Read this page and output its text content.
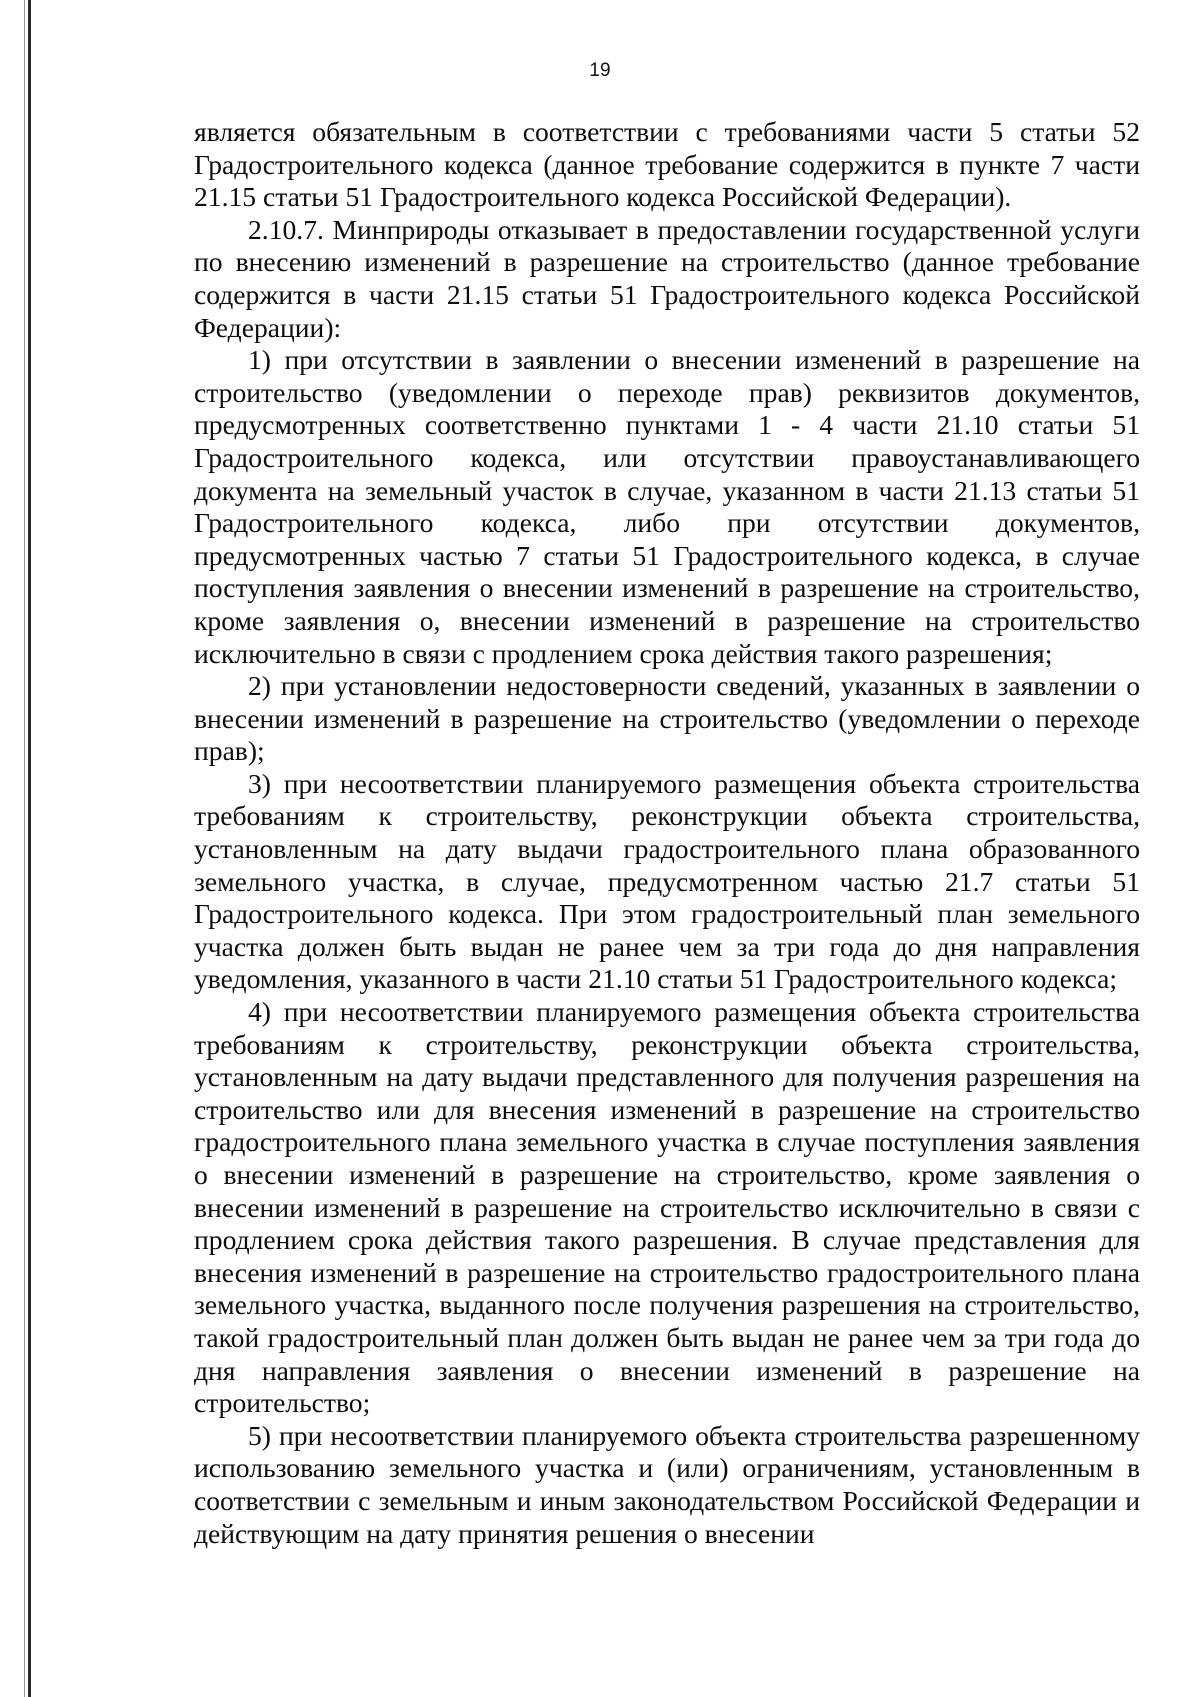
19

является обязательным в соответствии с требованиями части 5 статьи 52 Градостроительного кодекса (данное требование содержится в пункте 7 части 21.15 статьи 51 Градостроительного кодекса Российской Федерации).

2.10.7. Минприроды отказывает в предоставлении государственной услуги по внесению изменений в разрешение на строительство (данное требование содержится в части 21.15 статьи 51 Градостроительного кодекса Российской Федерации):

1) при отсутствии в заявлении о внесении изменений в разрешение на строительство (уведомлении о переходе прав) реквизитов документов, предусмотренных соответственно пунктами 1 - 4 части 21.10 статьи 51 Градостроительного кодекса, или отсутствии правоустанавливающего документа на земельный участок в случае, указанном в части 21.13 статьи 51 Градостроительного кодекса, либо при отсутствии документов, предусмотренных частью 7 статьи 51 Градостроительного кодекса, в случае поступления заявления о внесении изменений в разрешение на строительство, кроме заявления о, внесении изменений в разрешение на строительство исключительно в связи с продлением срока действия такого разрешения;

2) при установлении недостоверности сведений, указанных в заявлении о внесении изменений в разрешение на строительство (уведомлении о переходе прав);

3) при несоответствии планируемого размещения объекта строительства требованиям к строительству, реконструкции объекта строительства, установленным на дату выдачи градостроительного плана образованного земельного участка, в случае, предусмотренном частью 21.7 статьи 51 Градостроительного кодекса. При этом градостроительный план земельного участка должен быть выдан не ранее чем за три года до дня направления уведомления, указанного в части 21.10 статьи 51 Градостроительного кодекса;

4) при несоответствии планируемого размещения объекта строительства требованиям к строительству, реконструкции объекта строительства, установленным на дату выдачи представленного для получения разрешения на строительство или для внесения изменений в разрешение на строительство градостроительного плана земельного участка в случае поступления заявления о внесении изменений в разрешение на строительство, кроме заявления о внесении изменений в разрешение на строительство исключительно в связи с продлением срока действия такого разрешения. В случае представления для внесения изменений в разрешение на строительство градостроительного плана земельного участка, выданного после получения разрешения на строительство, такой градостроительный план должен быть выдан не ранее чем за три года до дня направления заявления о внесении изменений в разрешение на строительство;

5) при несоответствии планируемого объекта строительства разрешенному использованию земельного участка и (или) ограничениям, установленным в соответствии с земельным и иным законодательством Российской Федерации и действующим на дату принятия решения о внесении
